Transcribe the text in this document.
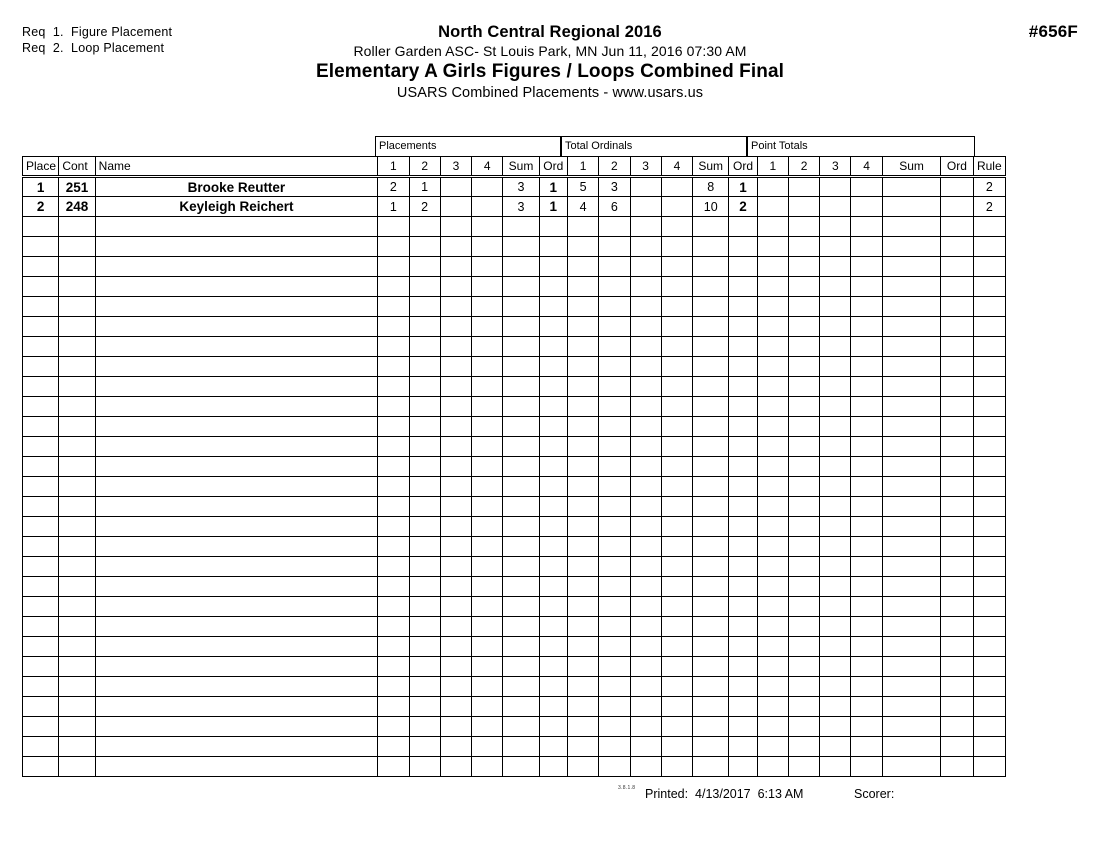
Req  1.  Figure Placement
Req  2.  Loop Placement
North Central Regional 2016
Roller Garden ASC- St Louis Park, MN Jun 11, 2016 07:30 AM
Elementary A Girls Figures / Loops Combined Final
USARS Combined Placements - www.usars.us
#656F
Placements	Total Ordinals	Point Totals
Place	Cont	Name	1	2	3	4	Sum	Ord	1	2	3	4	Sum	Ord	1	2	3	4	Sum	Ord	Rule
1	251	Brooke Reutter	2	1			3	1	5	3			8	1							2
2	248	Keyleigh Reichert	1	2			3	1	4	6			10	2							2

3.8.1.8 Printed:  4/13/2017  6:13 AM	Scorer:
